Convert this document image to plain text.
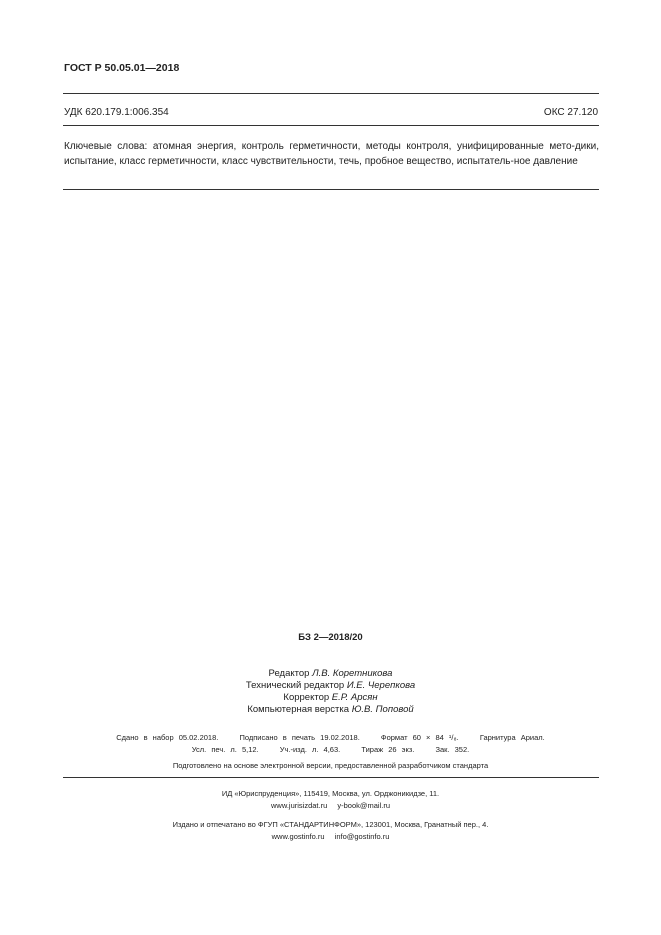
ГОСТ Р 50.05.01—2018
УДК 620.179.1:006.354	ОКС 27.120
Ключевые слова: атомная энергия, контроль герметичности, методы контроля, унифицированные мето-дики, испытание, класс герметичности, класс чувствительности, течь, пробное вещество, испытатель-ное давление
БЗ 2—2018/20
Редактор Л.В. Коретникова
Технический редактор И.Е. Черепкова
Корректор Е.Р. Арсян
Компьютерная верстка Ю.В. Поповой
Сдано в набор 05.02.2018.	Подписано в печать 19.02.2018.	Формат 60 × 84 ¹/₈.	Гарнитура Ариал.
Усл. печ. л. 5,12.	Уч.-изд. л. 4,63.	Тираж 26 экз.	Зак. 352.
Подготовлено на основе электронной версии, предоставленной разработчиком стандарта
ИД «Юриспруденция», 115419, Москва, ул. Орджоникидзе, 11.
www.jurisizdat.ru y-book@mail.ru
Издано и отпечатано во ФГУП «СТАНДАРТИНФОРМ», 123001, Москва, Гранатный пер., 4.
www.gostinfo.ru info@gostinfo.ru
